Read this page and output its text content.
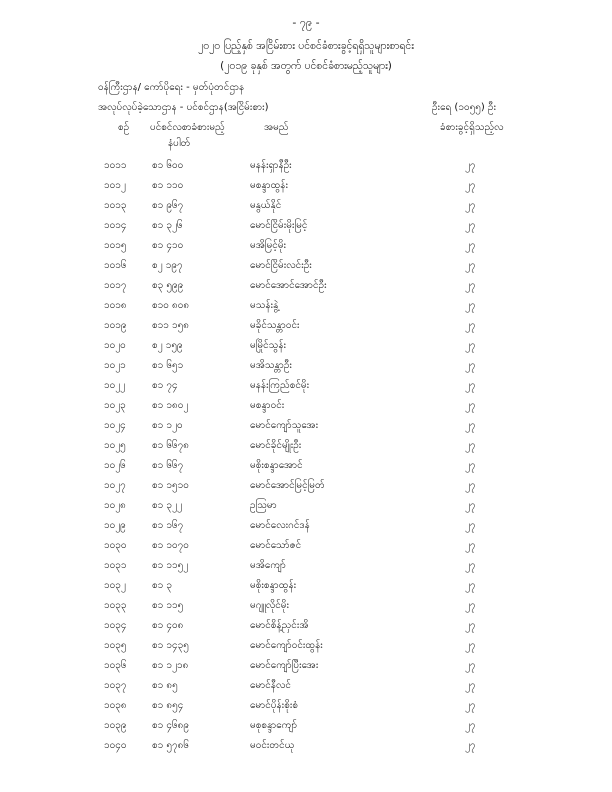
- ၇၉ -
၂၀၂၀ ပြည့်နှစ် အငြိမ်းစား ပင်စင်ခံစားခွင့်ရရှိသူများစာရင်း
(၂၀၁၉ ခုနှစ် အတွက် ပင်စင်ခံစားမည့်သူများ)
ဝန်ကြီးဌာန/ ကော်ပိုရေး - မှတ်ပုံတင်ဌာန
အလုပ်လုပ်ခဲ့သောဌာန - ပင်စင်ဌာန(အငြိမ်းစား)	ဦးရေ (၁၀၅၅) ဦး
စဉ် ပင်စင်လစာခံစားမည့်	အမည်	ခံစားခွင့်ရှိသည့်လ
နံပါတ်
၁၀၁၁	စ၁ ၆၀၀	မနန်းရှာနီဦး	၂၇
၁၀၁၂	စ၁ ၁၁၀	မစန္ဒာထွန်း	၂၇
၁၀၁၃	စ၁ ၉၆၇	မနွယ်နိုင်	၂၇
၁၀၁၄	စ၁ ၃၂၆	မောင်ငြိမ်းမိုးမြင့်	၂၇
၁၀၁၅	စ၁ ၄၁၀	မအိမြင့်မိုး	၂၇
၁၀၁၆	စ၂ ၁၉၇	မောင်ငြိမ်းလင်းဦး	၂၇
၁၀၁၇	စ၃ ၅၉၉	မောင်အောင်အောင်ဦး	၂၇
၁၀၁၈	စ၁၀ ၈၀၈	မသန်းနွဲ့	၂၇
၁၀၁၉	စ၁၁ ၁၅၈	မခိုင်သန္တာဝင်း	၂၇
၁၀၂၀	စ၂ ၁၅၉	မမြိုင်သွန်း	၂၇
၁၀၂၁	စ၁ ၆၅၁	မအိသန္တာဦး	၂၇
၁၀၂၂	စ၁ ၇၄	မနန်းကြည်စင်မိုး	၂၇
၁၀၂၃	စ၁ ၁၈၀၂	မစန္ဒာဝင်း	၂၇
၁၀၂၄	စ၁ ၁၂၀	မောင်ကျော်သူအေး	၂၇
၁၀၂၅	စ၁ ၆၆၇၈	မောင်ခိုင်မျိုးဦး	၂၇
၁၀၂၆	စ၁ ၆၆၇	မစိုးစန္ဒာအောင်	၂၇
၁၀၂၇	စ၁ ၁၅၁၀	မောင်အောင်မြင့်မြတ်	၂၇
၁၀၂၈	စ၁ ၃၂၂	ဥဩမာ	၂၇
၁၀၂၉	စ၁ ၁၆၇	မောင်လေးဂင်ဒန်	၂၇
၁၀၃၀	စ၁ ၁၀၇၀	မောင်သော်ဇင်	၂၇
၁၀၃၁	စ၁ ၁၁၅၂	မအိကျော်	၂၇
၁၀၃၂	စ၁ ၃	မစိုးစန္ဒာထွန်း	၂၇
၁၀၃၃	စ၁ ၁၁၅	မဂျူလိုင်မိုး	၂၇
၁၀၃၄	စ၁ ၄၀၈	မောင်စိန့်ညှင်းအိ	၂၇
၁၀၃၅	စ၁ ၁၄၃၅	မောင်ကျော်ဝင်းထွန်း	၂၇
၁၀၃၆	စ၁ ၁၂၁၈	မောင်ကျော်ပြီးအေး	၂၇
၁၀၃၇	စ၁ ၈၅	မောင်နီလင်	၂၇
၁၀၃၈	စ၁ ၈၅၄	မောင်ပိုန်းစိုးစံ	၂၇
၁၀၃၉	စ၁ ၄၆၈၉	မစုစန္ဒာကျော်	၂၇
၁၀၄၀	စ၁ ၅၇၈၆	မဝင်းတင်ယု	၂၇
